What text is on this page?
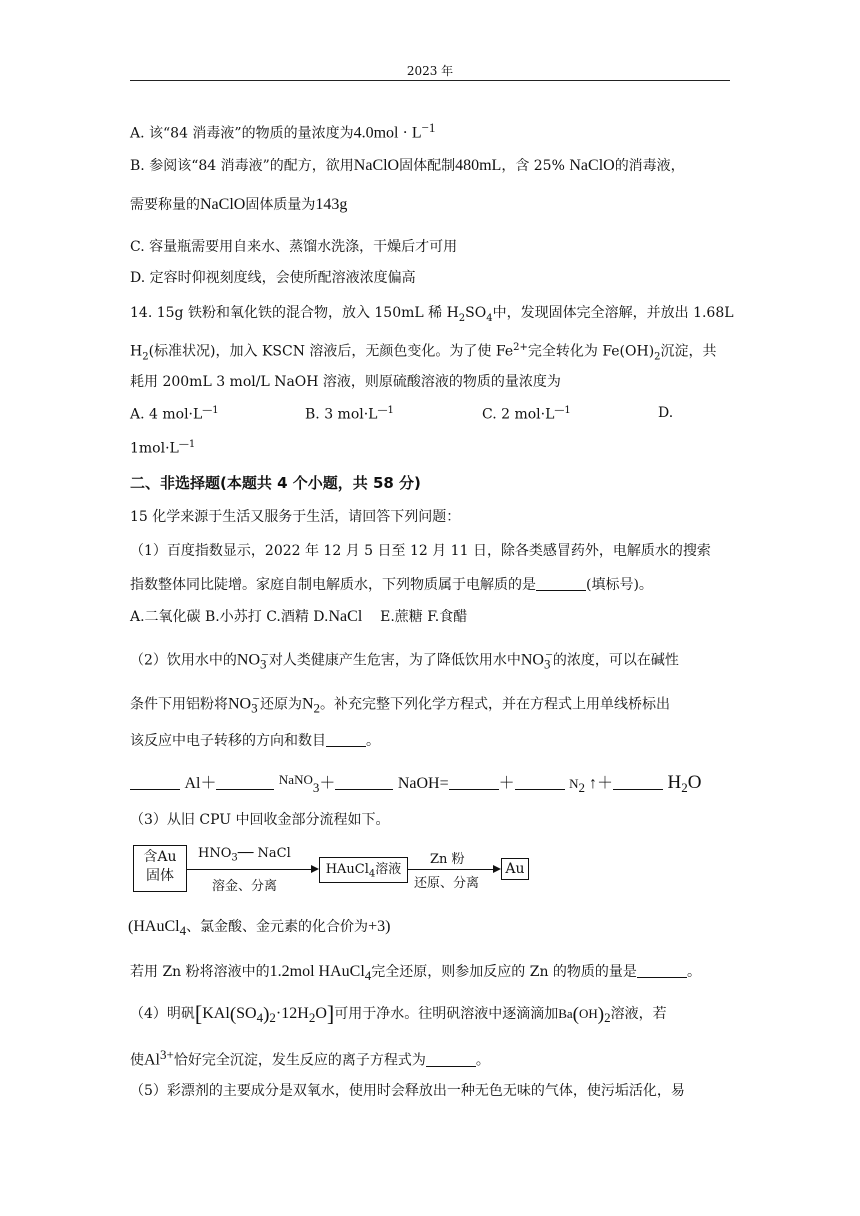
2023 年
A. 该“84 消毒液”的物质的量浓度为$4.0mol \cdot L^{-1}$
B. 参阅该“84 消毒液”的配方，欲用NaClO固体配制480mL，含 25% NaClO的消毒液，
需要称量的NaClO固体质量为143g
C. 容量瓶需要用自来水、蒸馏水洗涤，干燥后才可用
D. 定容时仰视刻度线，会使所配溶液浓度偏高
14. 15g 铁粉和氧化铁的混合物，放入 150mL 稀 $H_2SO_4$中，发现固体完全溶解，并放出 1.68L
$H_2$(标准状况)，加入 KSCN 溶液后，无颜色变化。为了使 $Fe^{2+}$完全转化为 $Fe(OH)_2$沉淀，共
耗用 200mL 3 mol/L NaOH 溶液，则原硫酸溶液的物质的量浓度为
A. 4 $mol\cdot L^{—1}$	B. 3 $mol\cdot L^{—1}$	C. 2 $mol\cdot L^{—1}$	D.
$1mol\cdot L^{—1}$
二、非选择题(本题共 4 个小题，共 58 分)
15 化学来源于生活又服务于生活，请回答下列问题：
（1）百度指数显示，2022 年 12 月 5 日至 12 月 11 日，除各类感冒药外，电解质水的搜索
指数整体同比陡增。家庭自制电解质水，下列物质属于电解质的是	(填标号)。
A.二氧化碳 B.小苏打 C.酒精 D.NaCl E.蔗糖 F.食醋
（2）饮用水中的$NO_3^-$对人类健康产生危害，为了降低饮用水中$NO_3^-$的浓度，可以在碱性
条件下用铝粉将$NO_3^-$还原为$N_2$。补充完整下列化学方程式，并在方程式上用单线桥标出
该反应中电子转移的方向和数目	。
Al＋	NaNO$_3$＋	NaOH=	＋	$N_2$ ↑＋	$H_2O$
（3）从旧 CPU 中回收金部分流程如下。
含Au
固体
$HNO_3──$ NaCl
溶金、分离
HAuCl$_4$溶液
Zn 粉
还原、分离
Au
(HAuCl$_4$、氯金酸、金元素的化合价为+3)
若用 Zn 粉将溶液中的1.2mol HAuCl$_4$完全还原，则参加反应的 Zn 的物质的量是	。
（4）明矾$[KAl(SO_4)_2\cdot 12H_2O]$可用于净水。往明矾溶液中逐滴滴加$Ba(OH)_2$溶液，若
使$Al^{3+}$恰好完全沉淀，发生反应的离子方程式为	。
（5）彩漂剂的主要成分是双氧水，使用时会释放出一种无色无味的气体，使污垢活化，易
